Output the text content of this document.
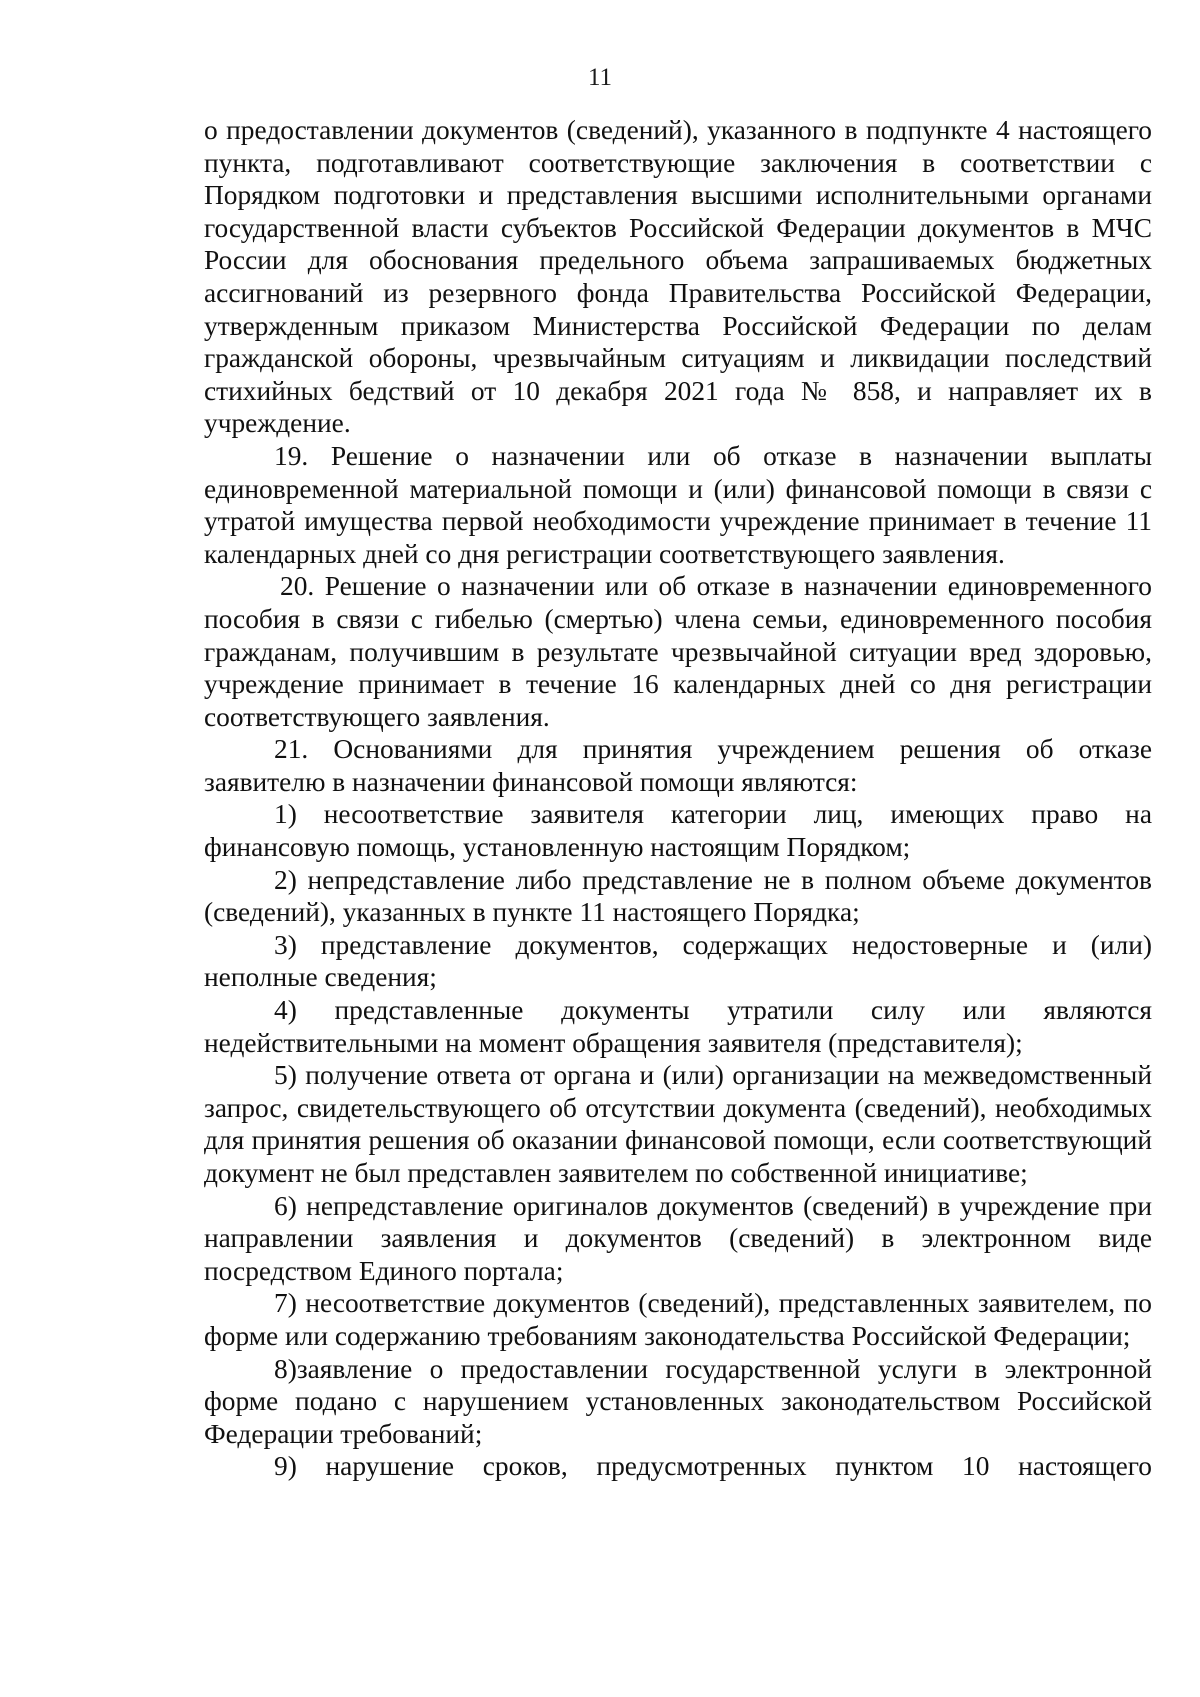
11

о предоставлении документов (сведений), указанного в подпункте 4 настоящего пункта, подготавливают соответствующие заключения в соответствии с Порядком подготовки и представления высшими исполнительными органами государственной власти субъектов Российской Федерации документов в МЧС России для обоснования предельного объема запрашиваемых бюджетных ассигнований из резервного фонда Правительства Российской Федерации, утвержденным приказом Министерства Российской Федерации по делам гражданской обороны, чрезвычайным ситуациям и ликвидации последствий стихийных бедствий от 10 декабря 2021 года № 858, и направляет их в учреждение.

19. Решение о назначении или об отказе в назначении выплаты единовременной материальной помощи и (или) финансовой помощи в связи с утратой имущества первой необходимости учреждение принимает в течение 11 календарных дней со дня регистрации соответствующего заявления.

20. Решение о назначении или об отказе в назначении единовременного пособия в связи с гибелью (смертью) члена семьи, единовременного пособия гражданам, получившим в результате чрезвычайной ситуации вред здоровью, учреждение принимает в течение 16 календарных дней со дня регистрации соответствующего заявления.

21. Основаниями для принятия учреждением решения об отказе заявителю в назначении финансовой помощи являются:

1) несоответствие заявителя категории лиц, имеющих право на финансовую помощь, установленную настоящим Порядком;

2) непредставление либо представление не в полном объеме документов (сведений), указанных в пункте 11 настоящего Порядка;

3) представление документов, содержащих недостоверные и (или) неполные сведения;

4) представленные документы утратили силу или являются недействительными на момент обращения заявителя (представителя);

5) получение ответа от органа и (или) организации на межведомственный запрос, свидетельствующего об отсутствии документа (сведений), необходимых для принятия решения об оказании финансовой помощи, если соответствующий документ не был представлен заявителем по собственной инициативе;

6) непредставление оригиналов документов (сведений) в учреждение при направлении заявления и документов (сведений) в электронном виде посредством Единого портала;

7) несоответствие документов (сведений), представленных заявителем, по форме или содержанию требованиям законодательства Российской Федерации;

8)заявление о предоставлении государственной услуги в электронной форме подано с нарушением установленных законодательством Российской Федерации требований;

9) нарушение сроков, предусмотренных пунктом 10 настоящего
